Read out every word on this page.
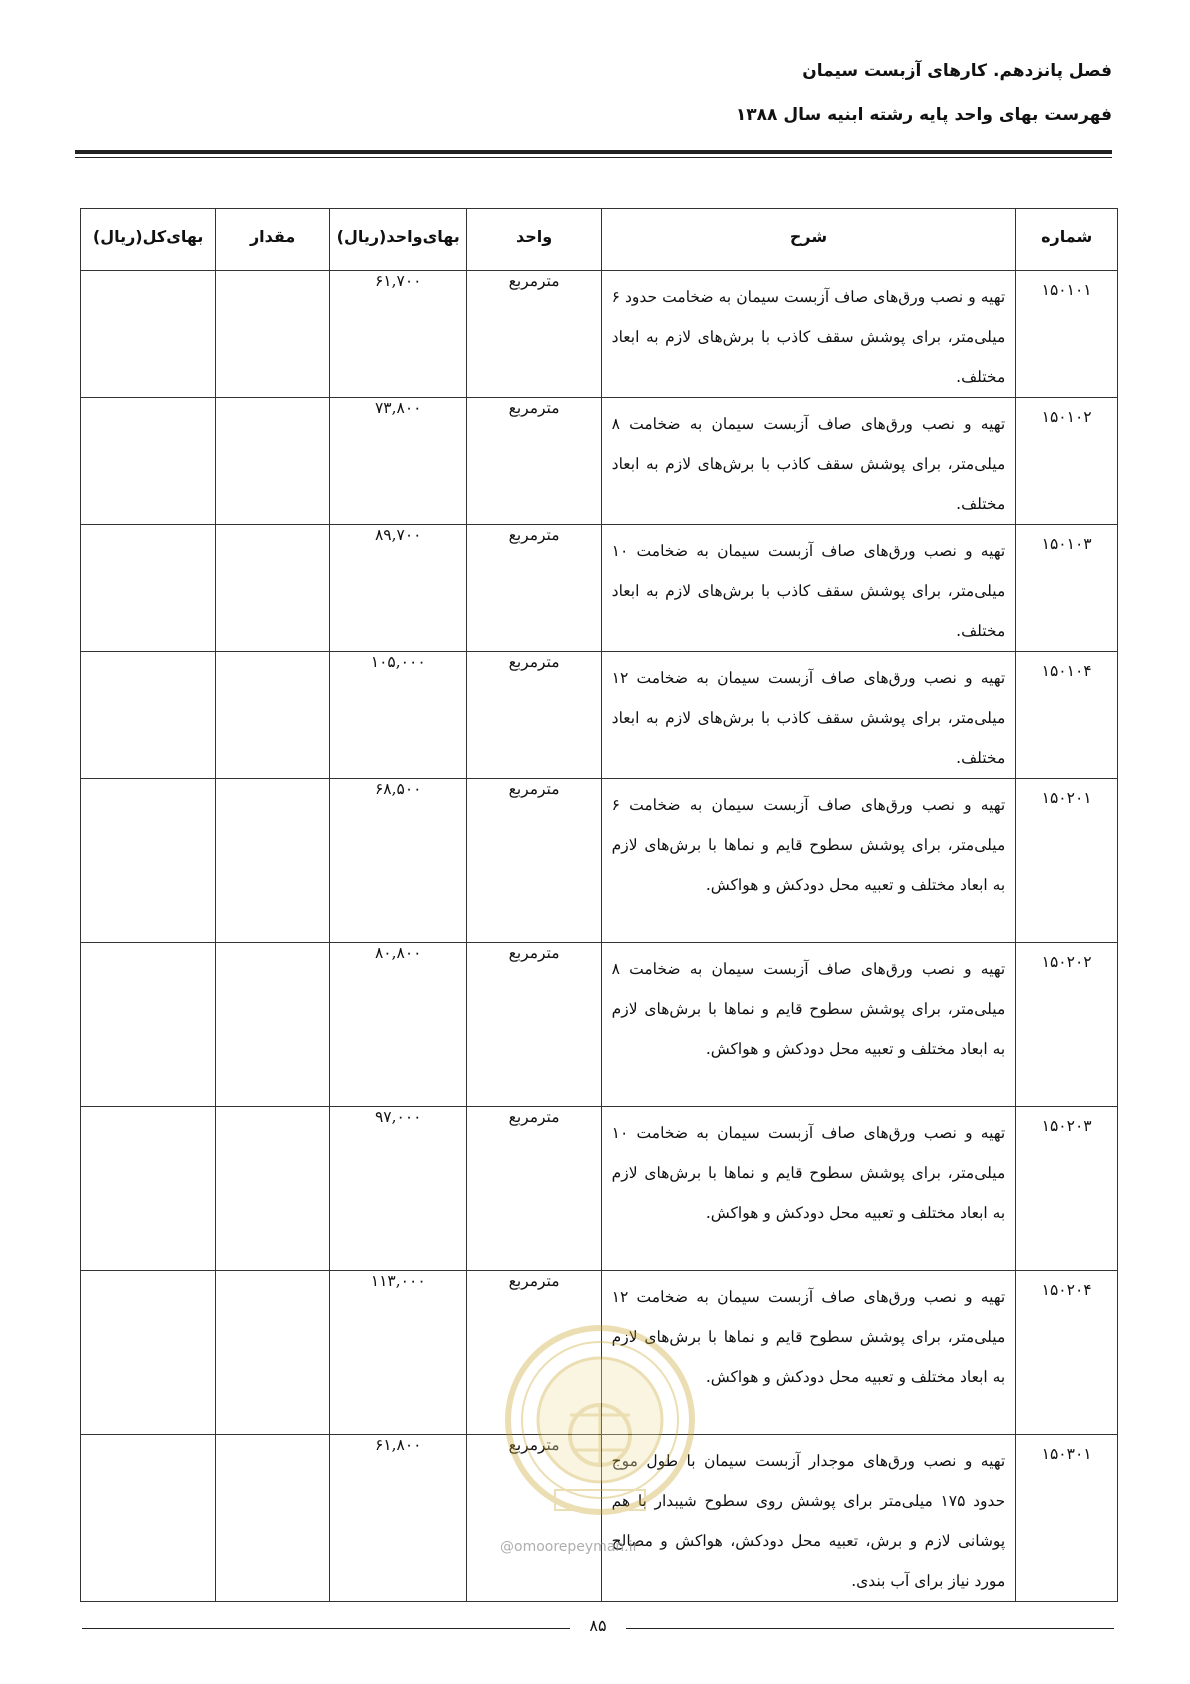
فصل پانزدهم. کارهای آزبست سیمان
فهرست بهای واحد پایه رشته ابنیه سال ۱۳۸۸
شماره	شرح	واحد	بهای‌واحد(ریال)	مقدار	بهای‌کل(ریال)
۱۵۰۱۰۱	تهیه و نصب ورق‌های صاف آزبست سیمان به ضخامت حدود ۶ میلی‌متر، برای پوشش سقف کاذب با برش‌های لازم به ابعاد مختلف.	مترمربع	۶۱,۷۰۰		
۱۵۰۱۰۲	تهیه و نصب ورق‌های صاف آزبست سیمان به ضخامت ۸ میلی‌متر، برای پوشش سقف کاذب با برش‌های لازم به ابعاد مختلف.	مترمربع	۷۳,۸۰۰		
۱۵۰۱۰۳	تهیه و نصب ورق‌های صاف آزبست سیمان به ضخامت ۱۰ میلی‌متر، برای پوشش سقف کاذب با برش‌های لازم به ابعاد مختلف.	مترمربع	۸۹,۷۰۰		
۱۵۰۱۰۴	تهیه و نصب ورق‌های صاف آزبست سیمان به ضخامت ۱۲ میلی‌متر، برای پوشش سقف کاذب با برش‌های لازم به ابعاد مختلف.	مترمربع	۱۰۵,۰۰۰		
۱۵۰۲۰۱	تهیه و نصب ورق‌های صاف آزبست سیمان به ضخامت ۶ میلی‌متر، برای پوشش سطوح قایم و نماها با برش‌های لازم به ابعاد مختلف و تعبیه محل دودکش و هواکش.	مترمربع	۶۸,۵۰۰		
۱۵۰۲۰۲	تهیه و نصب ورق‌های صاف آزبست سیمان به ضخامت ۸ میلی‌متر، برای پوشش سطوح قایم و نماها با برش‌های لازم به ابعاد مختلف و تعبیه محل دودکش و هواکش.	مترمربع	۸۰,۸۰۰		
۱۵۰۲۰۳	تهیه و نصب ورق‌های صاف آزبست سیمان به ضخامت ۱۰ میلی‌متر، برای پوشش سطوح قایم و نماها با برش‌های لازم به ابعاد مختلف و تعبیه محل دودکش و هواکش.	مترمربع	۹۷,۰۰۰		
۱۵۰۲۰۴	تهیه و نصب ورق‌های صاف آزبست سیمان به ضخامت ۱۲ میلی‌متر، برای پوشش سطوح قایم و نماها با برش‌های لازم به ابعاد مختلف و تعبیه محل دودکش و هواکش.	مترمربع	۱۱۳,۰۰۰		
۱۵۰۳۰۱	تهیه و نصب ورق‌های موجدار آزبست سیمان با طول موج حدود ۱۷۵ میلی‌متر برای پوشش روی سطوح شیبدار با هم پوشانی لازم و برش، تعبیه محل دودکش، هواکش و مصالح مورد نیاز برای آب بندی.	مترمربع	۶۱,۸۰۰		
@omoorepeyman.ir
۸۵
